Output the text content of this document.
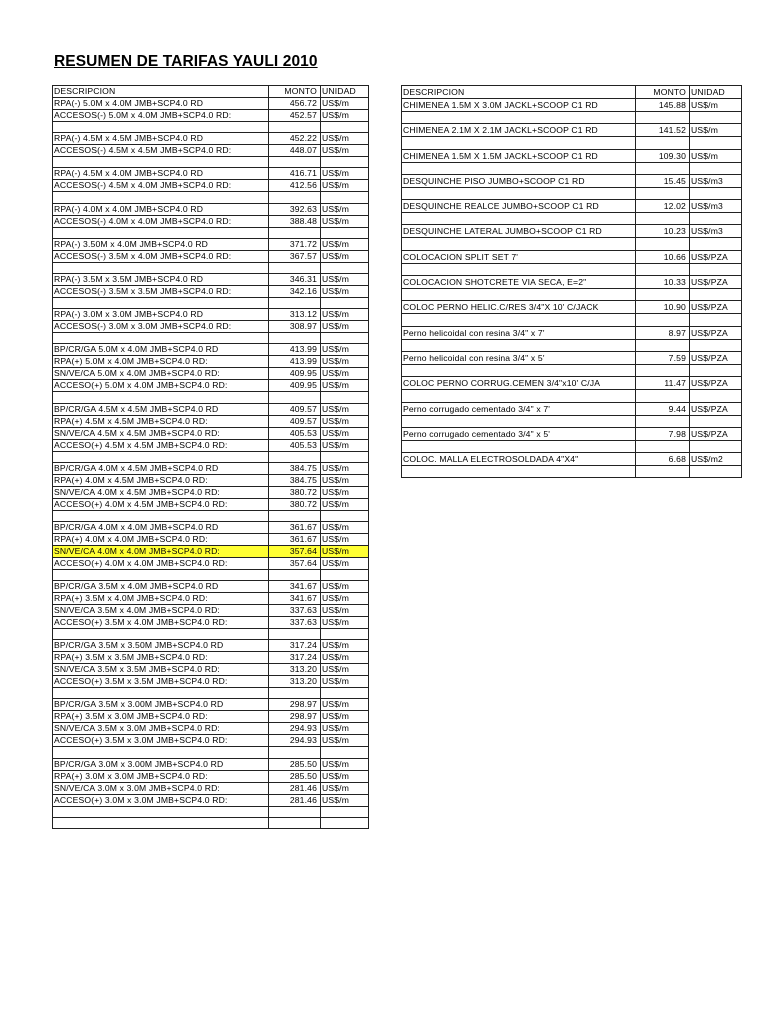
RESUMEN DE TARIFAS YAULI 2010
DESCRIPCION	MONTO	UNIDAD
RPA(-) 5.0M x 4.0M JMB+SCP4.0 RD	456.72	US$/m
ACCESOS(-) 5.0M x 4.0M JMB+SCP4.0 RD:	452.57	US$/m

RPA(-) 4.5M x 4.5M JMB+SCP4.0 RD	452.22	US$/m
ACCESOS(-) 4.5M x 4.5M JMB+SCP4.0 RD:	448.07	US$/m

RPA(-) 4.5M x 4.0M JMB+SCP4.0 RD	416.71	US$/m
ACCESOS(-) 4.5M x 4.0M JMB+SCP4.0 RD:	412.56	US$/m

RPA(-) 4.0M x 4.0M JMB+SCP4.0 RD	392.63	US$/m
ACCESOS(-) 4.0M x 4.0M JMB+SCP4.0 RD:	388.48	US$/m

RPA(-) 3.50M x 4.0M JMB+SCP4.0 RD	371.72	US$/m
ACCESOS(-) 3.5M x 4.0M JMB+SCP4.0 RD:	367.57	US$/m

RPA(-) 3.5M x 3.5M JMB+SCP4.0 RD	346.31	US$/m
ACCESOS(-) 3.5M x 3.5M JMB+SCP4.0 RD:	342.16	US$/m

RPA(-) 3.0M x 3.0M JMB+SCP4.0 RD	313.12	US$/m
ACCESOS(-) 3.0M x 3.0M JMB+SCP4.0 RD:	308.97	US$/m

BP/CR/GA 5.0M x 4.0M JMB+SCP4.0 RD	413.99	US$/m
RPA(+) 5.0M x 4.0M JMB+SCP4.0 RD:	413.99	US$/m
SN/VE/CA 5.0M x 4.0M JMB+SCP4.0 RD:	409.95	US$/m
ACCESO(+) 5.0M x 4.0M JMB+SCP4.0 RD:	409.95	US$/m

BP/CR/GA 4.5M x 4.5M JMB+SCP4.0 RD	409.57	US$/m
RPA(+) 4.5M x 4.5M JMB+SCP4.0 RD:	409.57	US$/m
SN/VE/CA 4.5M x 4.5M JMB+SCP4.0 RD:	405.53	US$/m
ACCESO(+) 4.5M x 4.5M JMB+SCP4.0 RD:	405.53	US$/m

BP/CR/GA 4.0M x 4.5M JMB+SCP4.0 RD	384.75	US$/m
RPA(+) 4.0M x 4.5M JMB+SCP4.0 RD:	384.75	US$/m
SN/VE/CA 4.0M x 4.5M JMB+SCP4.0 RD:	380.72	US$/m
ACCESO(+) 4.0M x 4.5M JMB+SCP4.0 RD:	380.72	US$/m

BP/CR/GA 4.0M x 4.0M JMB+SCP4.0 RD	361.67	US$/m
RPA(+) 4.0M x 4.0M JMB+SCP4.0 RD:	361.67	US$/m
SN/VE/CA 4.0M x 4.0M JMB+SCP4.0 RD:	357.64	US$/m
ACCESO(+) 4.0M x 4.0M JMB+SCP4.0 RD:	357.64	US$/m

BP/CR/GA 3.5M x 4.0M JMB+SCP4.0 RD	341.67	US$/m
RPA(+) 3.5M x 4.0M JMB+SCP4.0 RD:	341.67	US$/m
SN/VE/CA 3.5M x 4.0M JMB+SCP4.0 RD:	337.63	US$/m
ACCESO(+) 3.5M x 4.0M JMB+SCP4.0 RD:	337.63	US$/m

BP/CR/GA 3.5M x 3.50M JMB+SCP4.0 RD	317.24	US$/m
RPA(+) 3.5M x 3.5M JMB+SCP4.0 RD:	317.24	US$/m
SN/VE/CA 3.5M x 3.5M JMB+SCP4.0 RD:	313.20	US$/m
ACCESO(+) 3.5M x 3.5M JMB+SCP4.0 RD:	313.20	US$/m

BP/CR/GA 3.5M x 3.00M JMB+SCP4.0 RD	298.97	US$/m
RPA(+) 3.5M x 3.0M JMB+SCP4.0 RD:	298.97	US$/m
SN/VE/CA 3.5M x 3.0M JMB+SCP4.0 RD:	294.93	US$/m
ACCESO(+) 3.5M x 3.0M JMB+SCP4.0 RD:	294.93	US$/m

BP/CR/GA 3.0M x 3.00M JMB+SCP4.0 RD	285.50	US$/m
RPA(+) 3.0M x 3.0M JMB+SCP4.0 RD:	285.50	US$/m
SN/VE/CA 3.0M x 3.0M JMB+SCP4.0 RD:	281.46	US$/m
ACCESO(+) 3.0M x 3.0M JMB+SCP4.0 RD:	281.46	US$/m

DESCRIPCION	MONTO	UNIDAD
CHIMENEA 1.5M X 3.0M JACKL+SCOOP C1 RD	145.88	US$/m

CHIMENEA 2.1M X 2.1M JACKL+SCOOP C1 RD	141.52	US$/m

CHIMENEA 1.5M X 1.5M JACKL+SCOOP C1 RD	109.30	US$/m

DESQUINCHE PISO JUMBO+SCOOP C1 RD	15.45	US$/m3

DESQUINCHE REALCE JUMBO+SCOOP C1 RD	12.02	US$/m3

DESQUINCHE LATERAL JUMBO+SCOOP C1 RD	10.23	US$/m3

COLOCACION SPLIT SET 7'	10.66	US$/PZA

COLOCACION SHOTCRETE VIA SECA, E=2"	10.33	US$/PZA

COLOC PERNO HELIC.C/RES 3/4"X 10' C/JACK	10.90	US$/PZA

Perno helicoidal con resina 3/4" x 7'	8.97	US$/PZA

Perno helicoidal con resina 3/4" x 5'	7.59	US$/PZA

COLOC PERNO CORRUG.CEMEN 3/4"x10' C/JA	11.47	US$/PZA

Perno corrugado cementado 3/4" x 7'	9.44	US$/PZA

Perno corrugado cementado 3/4" x 5'	7.98	US$/PZA

COLOC. MALLA ELECTROSOLDADA 4"X4"	6.68	US$/m2
